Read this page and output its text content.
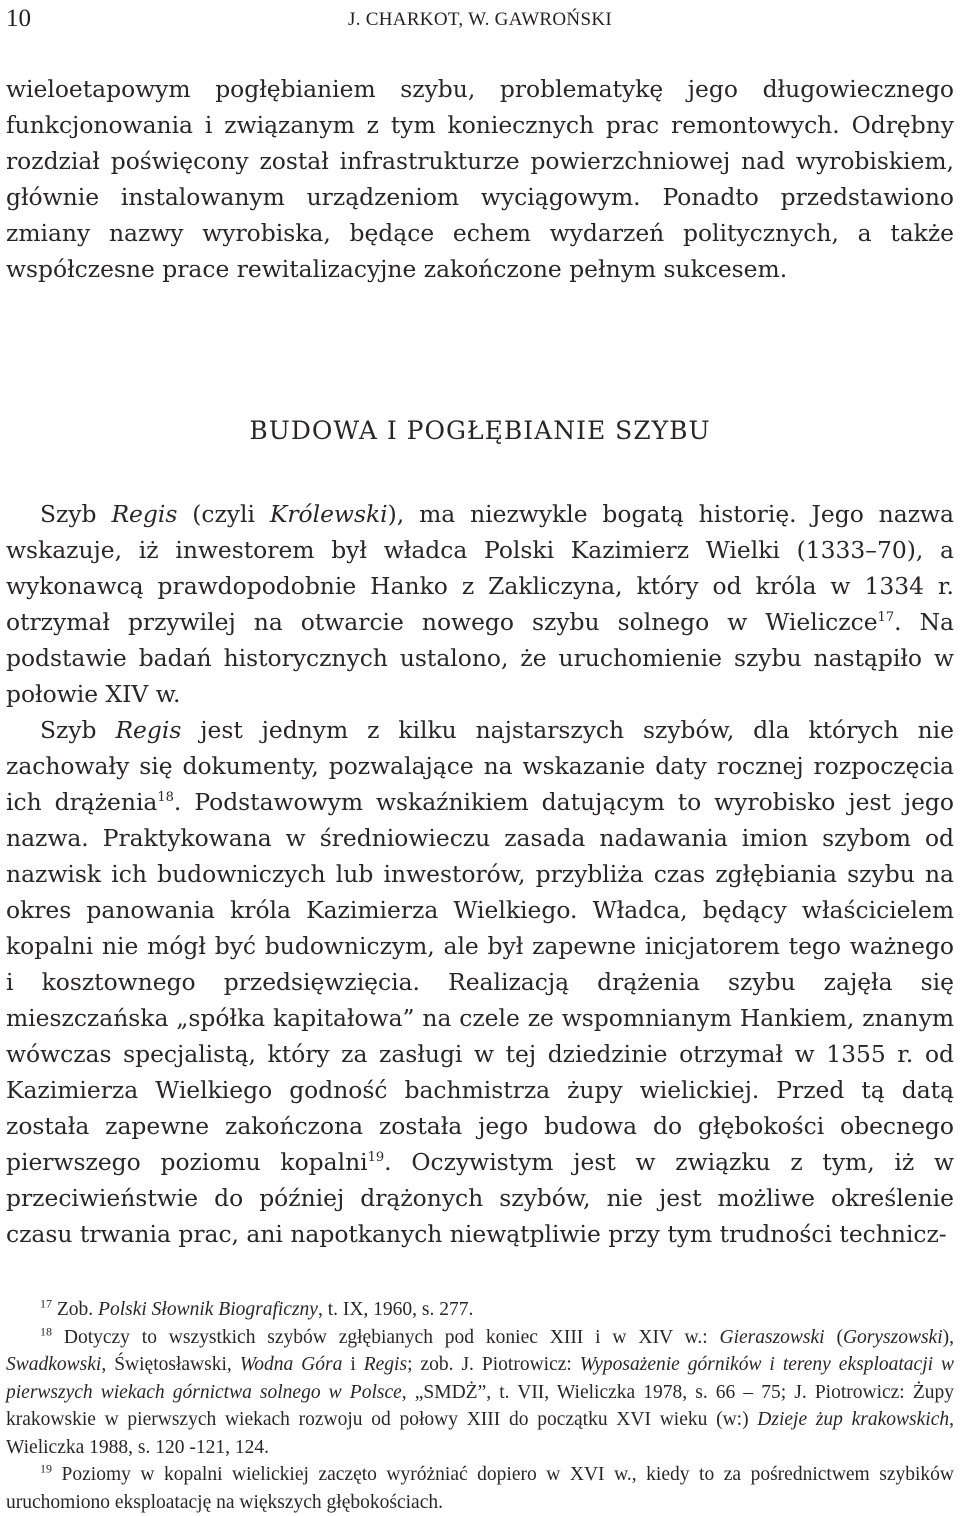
10	J. CHARKOT, W. GAWROŃSKI

wieloetapowym pogłębianiem szybu, problematykę jego długowiecznego funkcjonowania i związanym z tym koniecznych prac remontowych. Odrębny rozdział poświęcony został infrastrukturze powierzchniowej nad wyrobiskiem, głównie instalowanym urządzeniom wyciągowym. Ponadto przedstawiono zmiany nazwy wyrobiska, będące echem wydarzeń politycznych, a także współczesne prace rewitalizacyjne zakończone pełnym sukcesem.

BUDOWA I POGŁĘBIANIE SZYBU

Szyb Regis (czyli Królewski), ma niezwykle bogatą historię. Jego nazwa wskazuje, iż inwestorem był władca Polski Kazimierz Wielki (1333–70), a wykonawcą prawdopodobnie Hanko z Zakliczyna, który od króla w 1334 r. otrzymał przywilej na otwarcie nowego szybu solnego w Wieliczce$^{17}$. Na podstawie badań historycznych ustalono, że uruchomienie szybu nastąpiło w połowie XIV w.

Szyb Regis jest jednym z kilku najstarszych szybów, dla których nie zachowały się dokumenty, pozwalające na wskazanie daty rocznej rozpoczęcia ich drążenia$^{18}$. Podstawowym wskaźnikiem datującym to wyrobisko jest jego nazwa. Praktykowana w średniowieczu zasada nadawania imion szybom od nazwisk ich budowniczych lub inwestorów, przybliża czas zgłębiania szybu na okres panowania króla Kazimierza Wielkiego. Władca, będący właścicielem kopalni nie mógł być budowniczym, ale był zapewne inicjatorem tego ważnego i kosztownego przedsięwzięcia. Realizacją drążenia szybu zajęła się mieszczańska „spółka kapitałowa” na czele ze wspomnianym Hankiem, znanym wówczas specjalistą, który za zasługi w tej dziedzinie otrzymał w 1355 r. od Kazimierza Wielkiego godność bachmistrza żupy wielickiej. Przed tą datą została zapewne zakończona została jego budowa do głębokości obecnego pierwszego poziomu kopalni$^{19}$. Oczywistym jest w związku z tym, iż w przeciwieństwie do później drążonych szybów, nie jest możliwe określenie czasu trwania prac, ani napotkanych niewątpliwie przy tym trudności technicz-

$^{17}$ Zob. Polski Słownik Biograficzny, t. IX, 1960, s. 277.

$^{18}$ Dotyczy to wszystkich szybów zgłębianych pod koniec XIII i w XIV w.: Gieraszowski (Goryszowski), Swadkowski, Świętosławski, Wodna Góra i Regis; zob. J. Piotrowicz: Wyposażenie górników i tereny eksploatacji w pierwszych wiekach górnictwa solnego w Polsce, „SMDŻ”, t. VII, Wieliczka 1978, s. 66 – 75; J. Piotrowicz: Żupy krakowskie w pierwszych wiekach rozwoju od połowy XIII do początku XVI wieku (w:) Dzieje żup krakowskich, Wieliczka 1988, s. 120 -121, 124.

$^{19}$ Poziomy w kopalni wielickiej zaczęto wyróżniać dopiero w XVI w., kiedy to za pośrednictwem szybików uruchomiono eksploatację na większych głębokościach.
